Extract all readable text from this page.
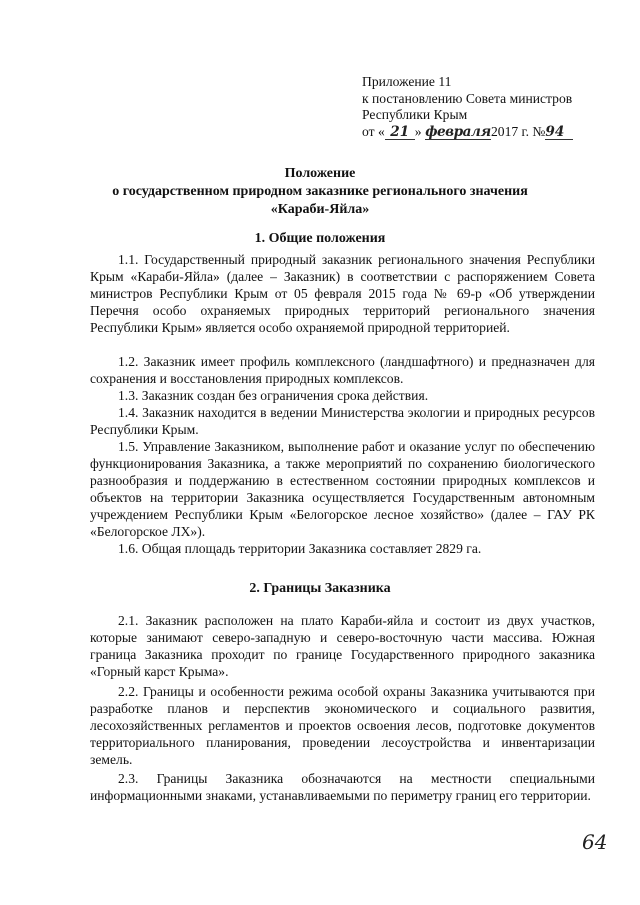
Приложение 11
к постановлению Совета министров
Республики Крым
от « 21 » февраля2017 г. №94
Положение
о государственном природном заказнике регионального значения
«Караби-Яйла»
1. Общие положения
1.1. Государственный природный заказник регионального значения Республики Крым «Караби-Яйла» (далее – Заказник) в соответствии с распоряжением Совета министров Республики Крым от 05 февраля 2015 года № 69-р «Об утверждении Перечня особо охраняемых природных территорий регионального значения Республики Крым» является особо охраняемой природной территорией.
1.2. Заказник имеет профиль комплексного (ландшафтного) и предназначен для сохранения и восстановления природных комплексов.
1.3. Заказник создан без ограничения срока действия.
1.4. Заказник находится в ведении Министерства экологии и природных ресурсов Республики Крым.
1.5. Управление Заказником, выполнение работ и оказание услуг по обеспечению функционирования Заказника, а также мероприятий по сохранению биологического разнообразия и поддержанию в естественном состоянии природных комплексов и объектов на территории Заказника осуществляется Государственным автономным учреждением Республики Крым «Белогорское лесное хозяйство» (далее – ГАУ РК «Белогорское ЛХ»).
1.6. Общая площадь территории Заказника составляет 2829 га.
2. Границы Заказника
2.1. Заказник расположен на плато Караби-яйла и состоит из двух участков, которые занимают северо-западную и северо-восточную части массива. Южная граница Заказника проходит по границе Государственного природного заказника «Горный карст Крыма».
2.2. Границы и особенности режима особой охраны Заказника учитываются при разработке планов и перспектив экономического и социального развития, лесохозяйственных регламентов и проектов освоения лесов, подготовке документов территориального планирования, проведении лесоустройства и инвентаризации земель.
2.3. Границы Заказника обозначаются на местности специальными информационными знаками, устанавливаемыми по периметру границ его территории.
64
